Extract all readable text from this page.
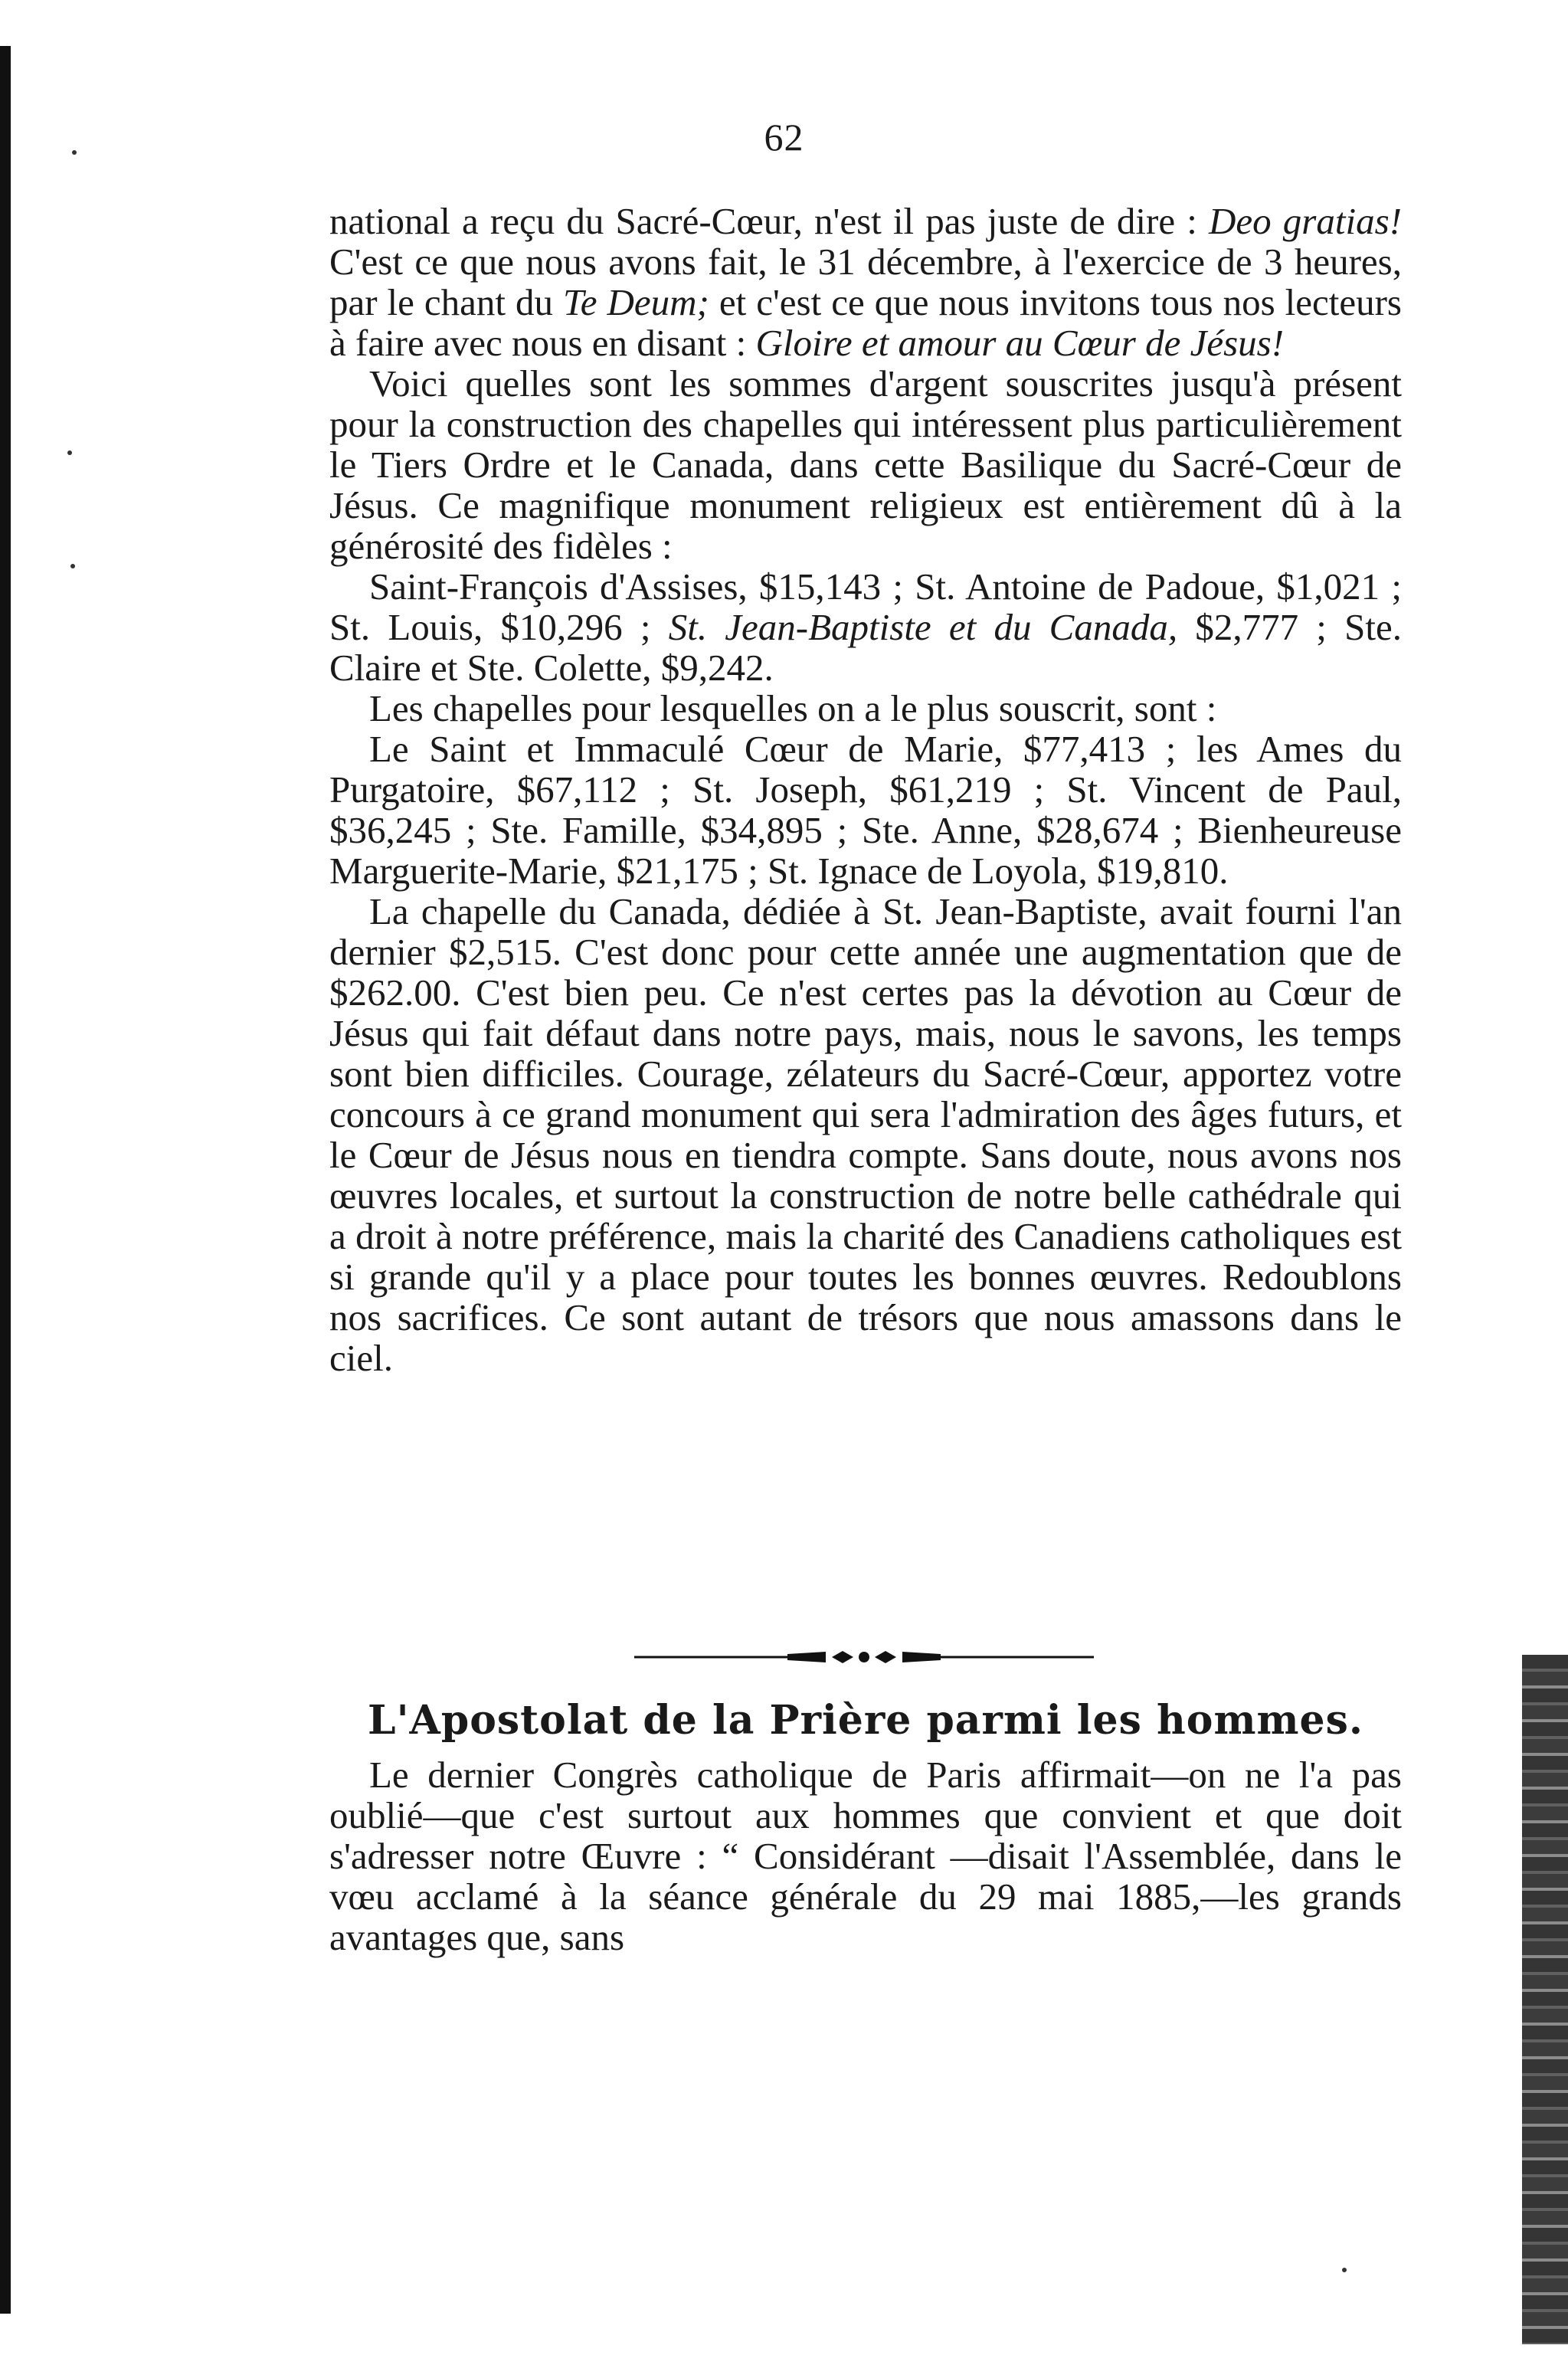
62

national a reçu du Sacré-Cœur, n'est il pas juste de dire : Deo gratias! C'est ce que nous avons fait, le 31 décembre, à l'exercice de 3 heures, par le chant du Te Deum; et c'est ce que nous invitons tous nos lecteurs à faire avec nous en disant : Gloire et amour au Cœur de Jésus!

Voici quelles sont les sommes d'argent souscrites jusqu'à présent pour la construction des chapelles qui intéressent plus particulièrement le Tiers Ordre et le Canada, dans cette Basilique du Sacré-Cœur de Jésus. Ce magnifique monument religieux est entièrement dû à la générosité des fidèles :

Saint-François d'Assises, $15,143 ; St. Antoine de Padoue, $1,021 ; St. Louis, $10,296 ; St. Jean-Baptiste et du Canada, $2,777 ; Ste. Claire et Ste. Colette, $9,242.

Les chapelles pour lesquelles on a le plus souscrit, sont :

Le Saint et Immaculé Cœur de Marie, $77,413 ; les Ames du Purgatoire, $67,112 ; St. Joseph, $61,219 ; St. Vincent de Paul, $36,245 ; Ste. Famille, $34,895 ; Ste. Anne, $28,674 ; Bienheureuse Marguerite-Marie, $21,175 ; St. Ignace de Loyola, $19,810.

La chapelle du Canada, dédiée à St. Jean-Baptiste, avait fourni l'an dernier $2,515. C'est donc pour cette année une augmentation que de $262.00. C'est bien peu. Ce n'est certes pas la dévotion au Cœur de Jésus qui fait défaut dans notre pays, mais, nous le savons, les temps sont bien difficiles. Courage, zélateurs du Sacré-Cœur, apportez votre concours à ce grand monument qui sera l'admiration des âges futurs, et le Cœur de Jésus nous en tiendra compte. Sans doute, nous avons nos œuvres locales, et surtout la construction de notre belle cathédrale qui a droit à notre préférence, mais la charité des Canadiens catholiques est si grande qu'il y a place pour toutes les bonnes œuvres. Redoublons nos sacrifices. Ce sont autant de trésors que nous amassons dans le ciel.

L'Apostolat de la Prière parmi les hommes.

Le dernier Congrès catholique de Paris affirmait—on ne l'a pas oublié—que c'est surtout aux hommes que convient et que doit s'adresser notre Œuvre : “ Considérant —disait l'Assemblée, dans le vœu acclamé à la séance générale du 29 mai 1885,—les grands avantages que, sans
